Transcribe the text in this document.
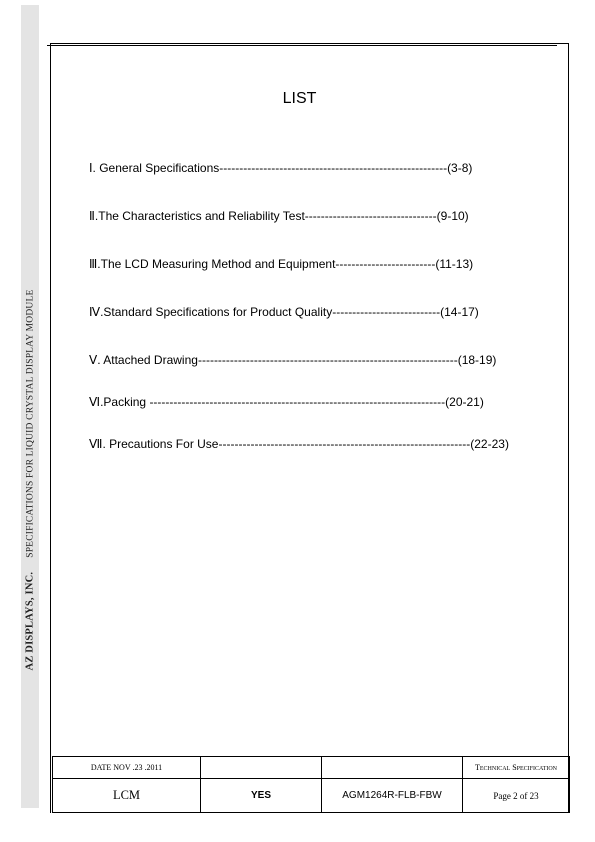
AZ DISPLAYS, INC.SPECIFICATIONS FOR LIQUID CRYSTAL DISPLAY MODULE
LIST
Ⅰ. General Specifications---------------------------------------------------------(3-8)
Ⅱ.The Characteristics and Reliability Test---------------------------------(9-10)
Ⅲ.The LCD Measuring Method and Equipment-------------------------(11-13)
Ⅳ.Standard Specifications for Product Quality---------------------------(14-17)
Ⅴ. Attached Drawing-----------------------------------------------------------------(18-19)
Ⅵ.Packing --------------------------------------------------------------------------(20-21)
Ⅶ. Precautions For Use---------------------------------------------------------------(22-23)
DATE NOV .23 .2011			Technical Specification
LCM	YES	AGM1264R-FLB-FBW	Page 2 of 23
